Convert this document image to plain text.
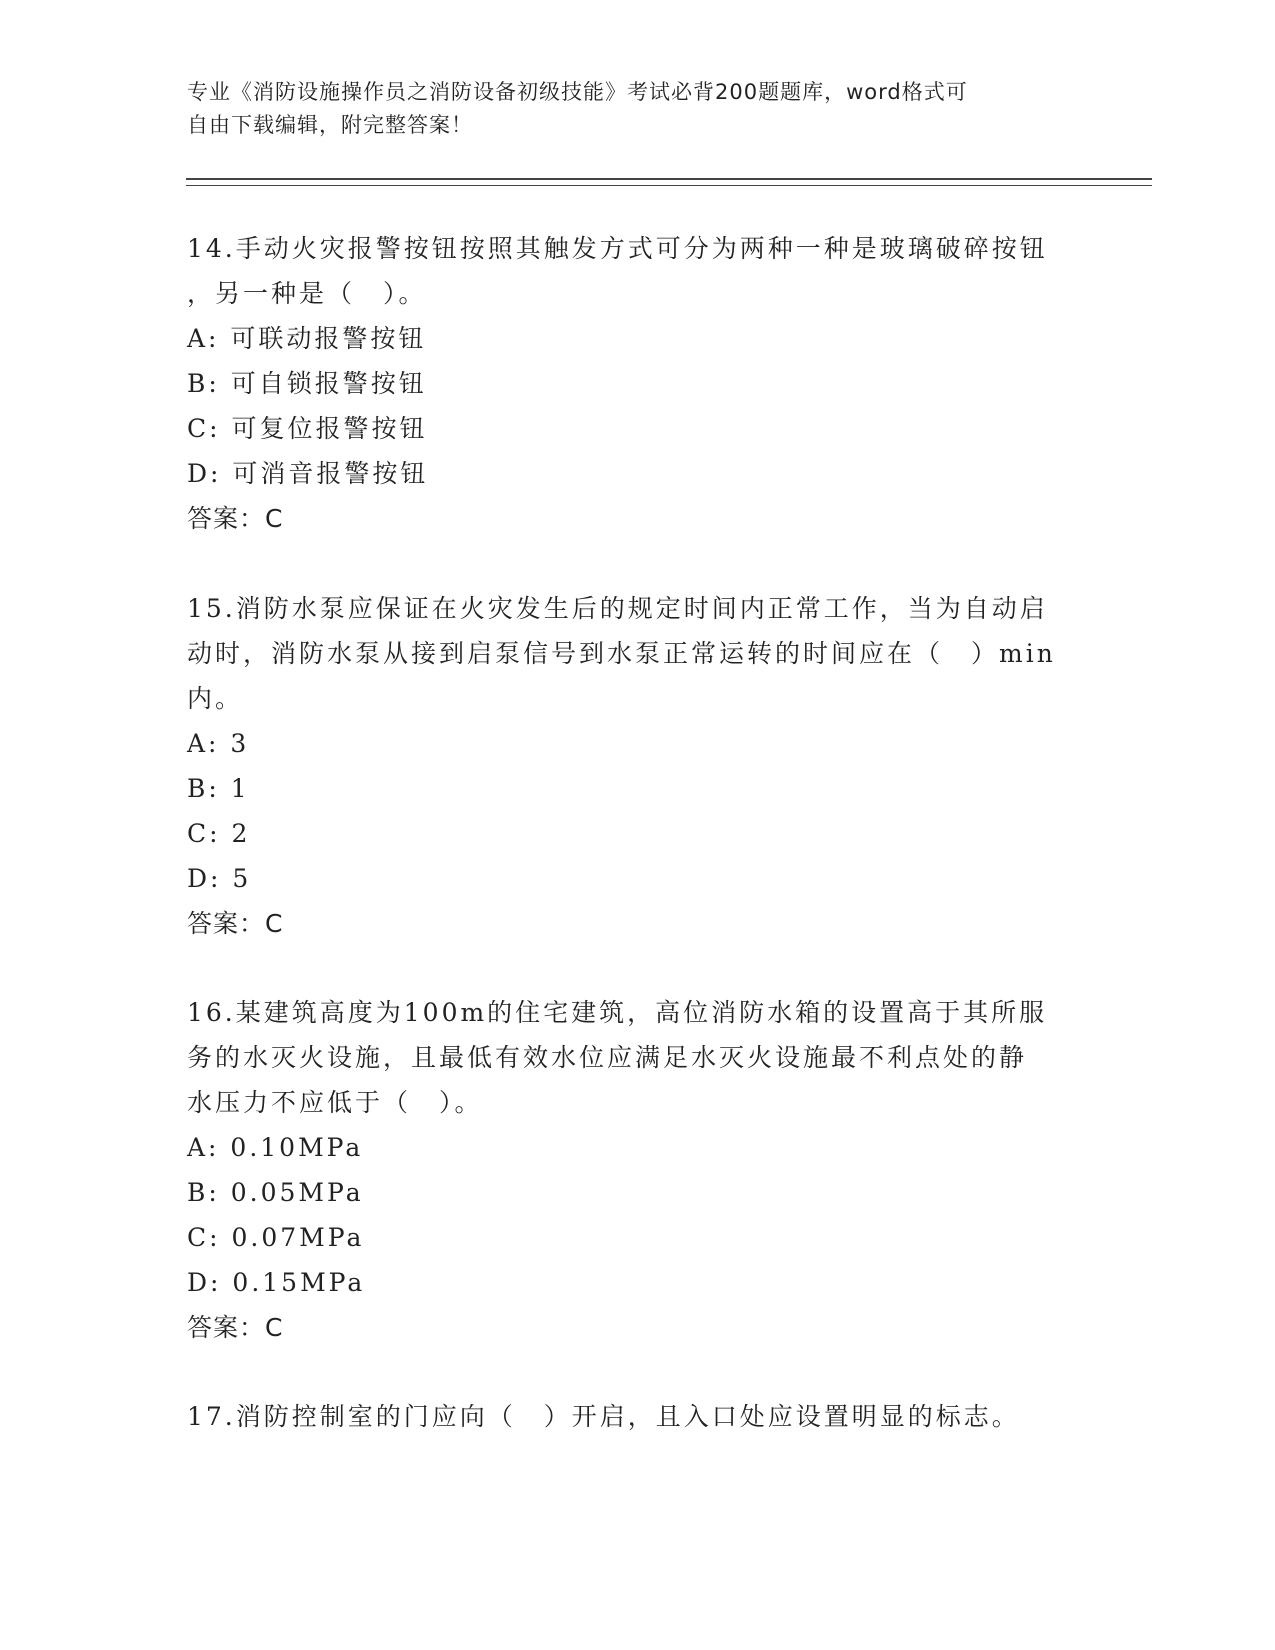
专业《消防设施操作员之消防设备初级技能》考试必背200题题库，word格式可
自由下载编辑，附完整答案！

14.手动火灾报警按钮按照其触发方式可分为两种一种是玻璃破碎按钮

，另一种是（　）。

A: 可联动报警按钮

B: 可自锁报警按钮

C: 可复位报警按钮

D: 可消音报警按钮

答案：C

15.消防水泵应保证在火灾发生后的规定时间内正常工作，当为自动启

动时，消防水泵从接到启泵信号到水泵正常运转的时间应在（　）min

内。

A: 3

B: 1

C: 2

D: 5

答案：C

16.某建筑高度为100m的住宅建筑，高位消防水箱的设置高于其所服

务的水灭火设施，且最低有效水位应满足水灭火设施最不利点处的静

水压力不应低于（　）。

A: 0.10MPa

B: 0.05MPa

C: 0.07MPa

D: 0.15MPa

答案：C

17.消防控制室的门应向（　）开启，且入口处应设置明显的标志。
